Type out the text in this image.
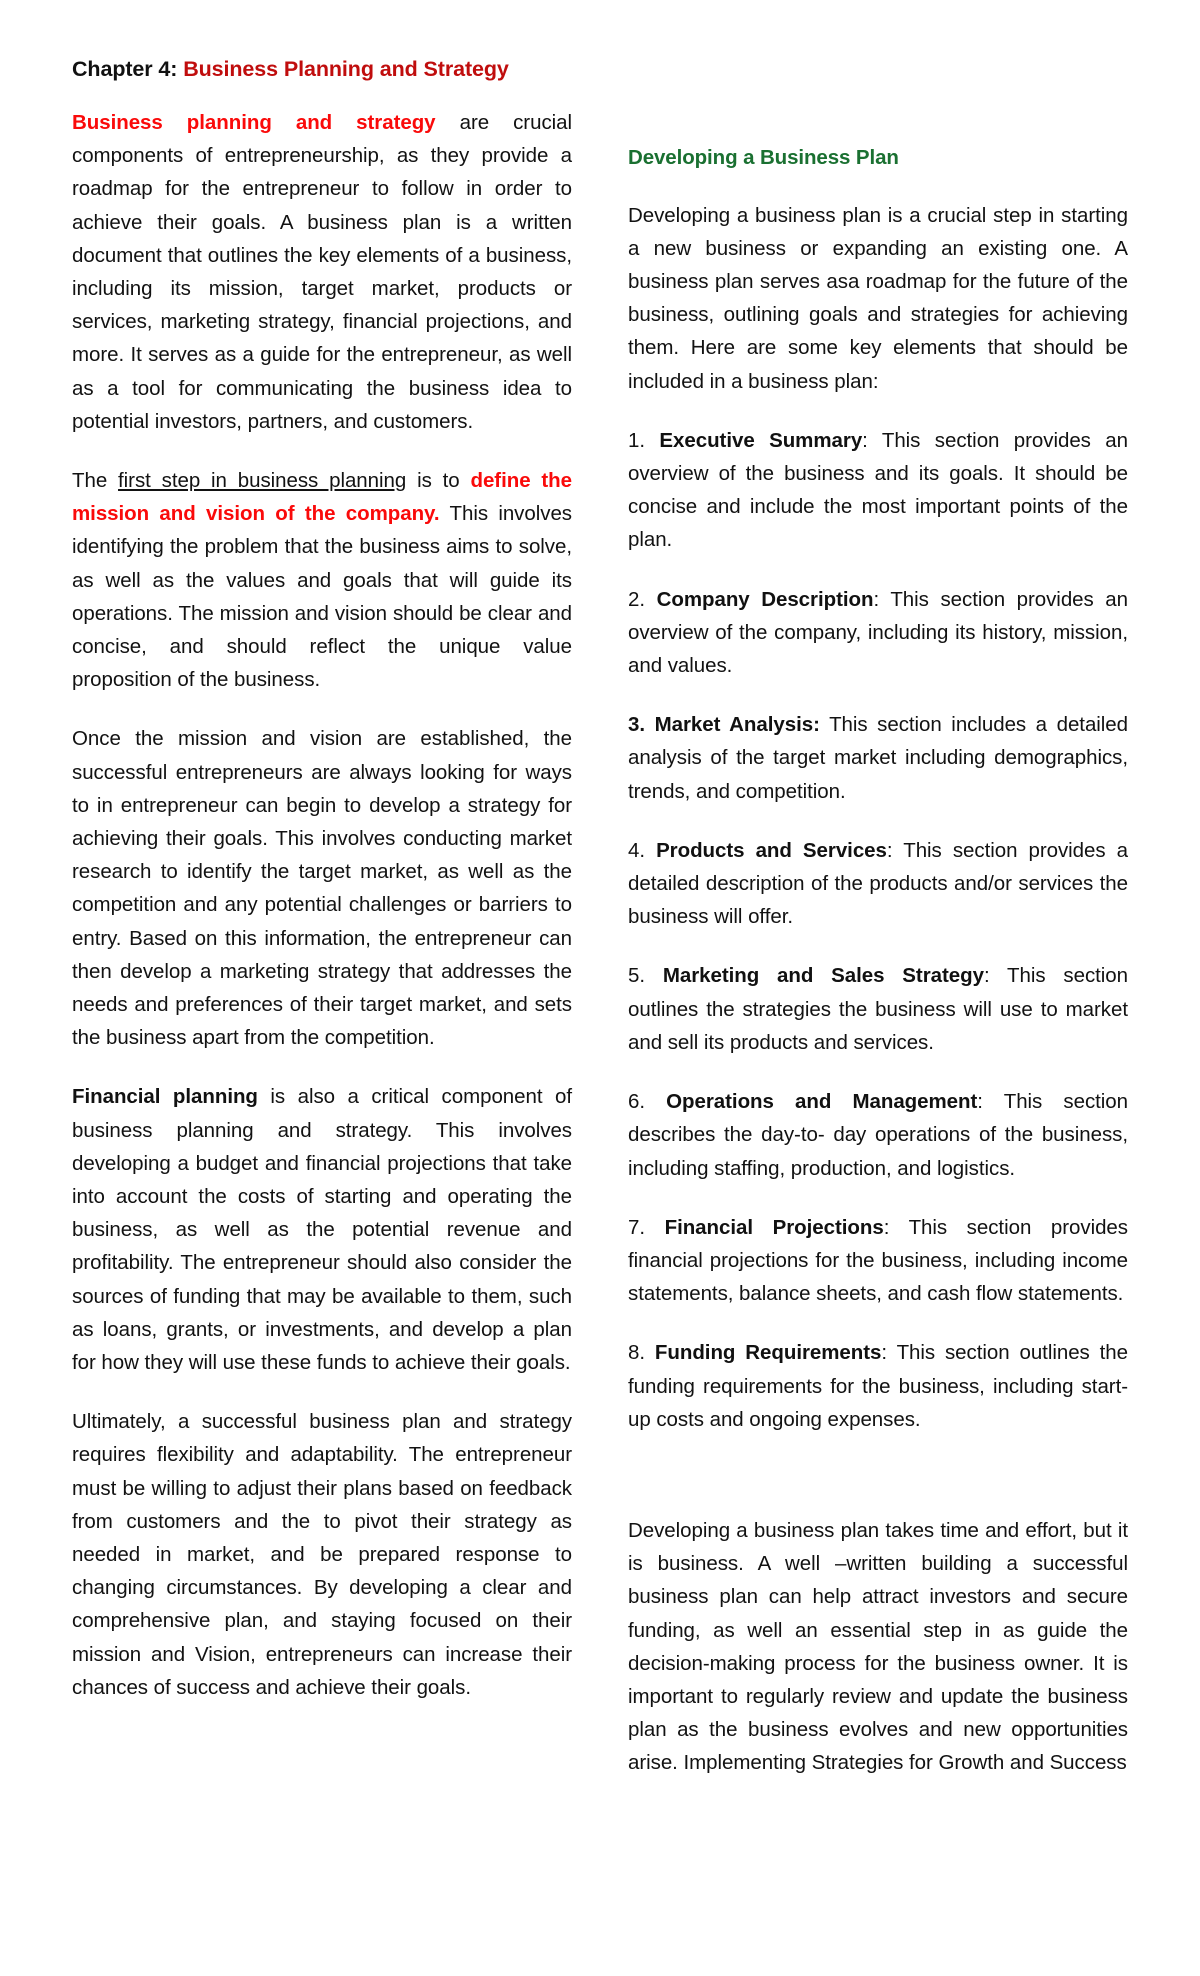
Chapter 4: Business Planning and Strategy

Business planning and strategy are crucial components of entrepreneurship, as they provide a roadmap for the entrepreneur to follow in order to achieve their goals. A business plan is a written document that outlines the key elements of a business, including its mission, target market, products or services, marketing strategy, financial projections, and more. It serves as a guide for the entrepreneur, as well as a tool for communicating the business idea to potential investors, partners, and customers.

The first step in business planning is to define the mission and vision of the company. This involves identifying the problem that the business aims to solve, as well as the values and goals that will guide its operations. The mission and vision should be clear and concise, and should reflect the unique value proposition of the business.

Once the mission and vision are established, the successful entrepreneurs are always looking for ways to in entrepreneur can begin to develop a strategy for achieving their goals. This involves conducting market research to identify the target market, as well as the competition and any potential challenges or barriers to entry. Based on this information, the entrepreneur can then develop a marketing strategy that addresses the needs and preferences of their target market, and sets the business apart from the competition.

Financial planning is also a critical component of business planning and strategy. This involves developing a budget and financial projections that take into account the costs of starting and operating the business, as well as the potential revenue and profitability. The entrepreneur should also consider the sources of funding that may be available to them, such as loans, grants, or investments, and develop a plan for how they will use these funds to achieve their goals.

Ultimately, a successful business plan and strategy requires flexibility and adaptability. The entrepreneur must be willing to adjust their plans based on feedback from customers and the to pivot their strategy as needed in market, and be prepared response to changing circumstances. By developing a clear and comprehensive plan, and staying focused on their mission and Vision, entrepreneurs can increase their chances of success and achieve their goals.

Developing a Business Plan

Developing a business plan is a crucial step in starting a new business or expanding an existing one. A business plan serves asa roadmap for the future of the business, outlining goals and strategies for achieving them. Here are some key elements that should be included in a business plan:

1. Executive Summary: This section provides an overview of the business and its goals. It should be concise and include the most important points of the plan.

2. Company Description: This section provides an overview of the company, including its history, mission, and values.

3. Market Analysis: This section includes a detailed analysis of the target market including demographics, trends, and competition.

4. Products and Services: This section provides a detailed description of the products and/or services the business will offer.

5. Marketing and Sales Strategy: This section outlines the strategies the business will use to market and sell its products and services.

6. Operations and Management: This section describes the day-to- day operations of the business, including staffing, production, and logistics.

7. Financial Projections: This section provides financial projections for the business, including income statements, balance sheets, and cash flow statements.

8. Funding Requirements: This section outlines the funding requirements for the business, including start-up costs and ongoing expenses.

Developing a business plan takes time and effort, but it is business. A well –written building a successful business plan can help attract investors and secure funding, as well an essential step in as guide the decision-making process for the business owner. It is important to regularly review and update the business plan as the business evolves and new opportunities arise. Implementing Strategies for Growth and Success
